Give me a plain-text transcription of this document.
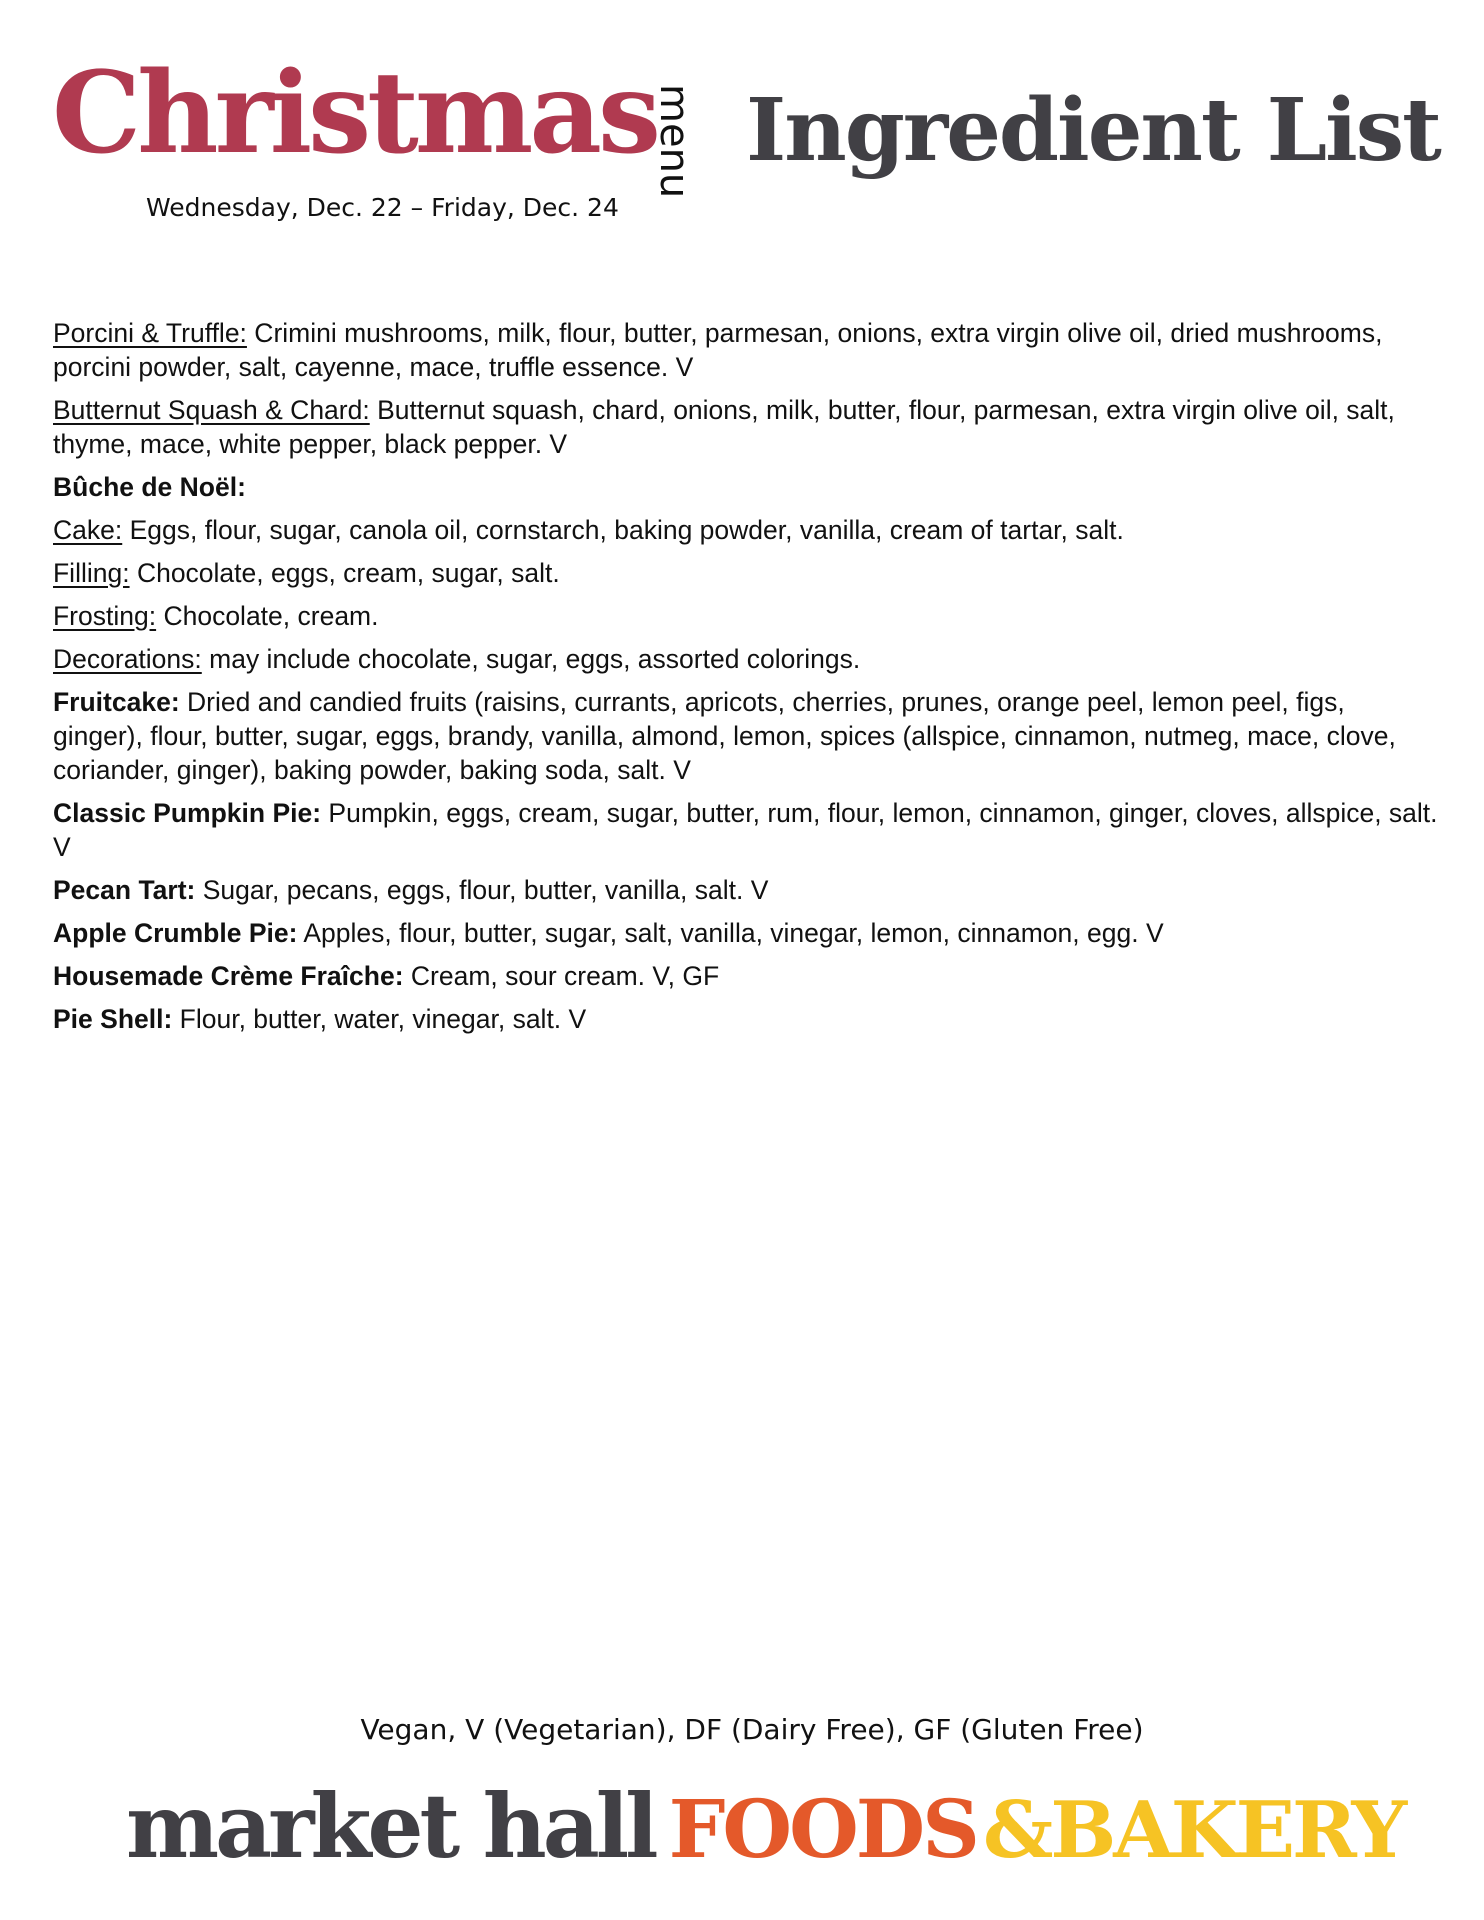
Christmas
menu
Wednesday, Dec. 22 – Friday, Dec. 24
Ingredient List

Porcini & Truffle: Crimini mushrooms, milk, flour, butter, parmesan, onions, extra virgin olive oil, dried mushrooms, porcini powder, salt, cayenne, mace, truffle essence. V

Butternut Squash & Chard: Butternut squash, chard, onions, milk, butter, flour, parmesan, extra virgin olive oil, salt, thyme, mace, white pepper, black pepper. V

Bûche de Noël:

Cake: Eggs, flour, sugar, canola oil, cornstarch, baking powder, vanilla, cream of tartar, salt.

Filling: Chocolate, eggs, cream, sugar, salt.

Frosting: Chocolate, cream.

Decorations: may include chocolate, sugar, eggs, assorted colorings.

Fruitcake: Dried and candied fruits (raisins, currants, apricots, cherries, prunes, orange peel, lemon peel, figs, ginger), flour, butter, sugar, eggs, brandy, vanilla, almond, lemon, spices (allspice, cinnamon, nutmeg, mace, clove, coriander, ginger), baking powder, baking soda, salt. V

Classic Pumpkin Pie: Pumpkin, eggs, cream, sugar, butter, rum, flour, lemon, cinnamon, ginger, cloves, allspice, salt. V

Pecan Tart: Sugar, pecans, eggs, flour, butter, vanilla, salt. V

Apple Crumble Pie: Apples, flour, butter, sugar, salt, vanilla, vinegar, lemon, cinnamon, egg. V

Housemade Crème Fraîche: Cream, sour cream. V, GF

Pie Shell: Flour, butter, water, vinegar, salt. V

Vegan, V (Vegetarian), DF (Dairy Free), GF (Gluten Free)
market hall FOODS&BAKERY
